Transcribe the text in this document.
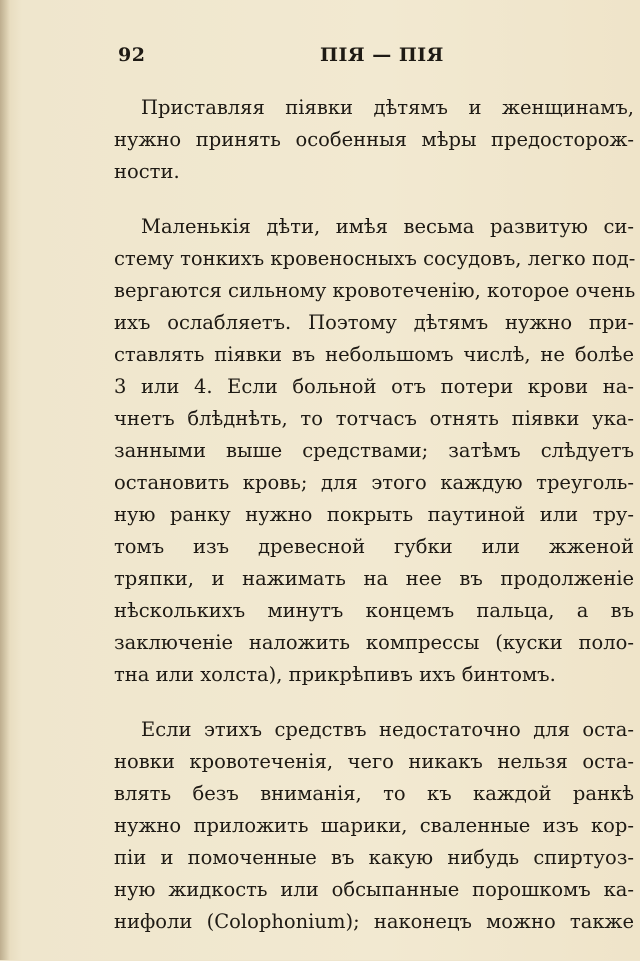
92	ПІЯ — ПІЯ
Приставляя піявки дѣтямъ и женщинамъ,
нужно принять особенныя мѣры предосторож-
ности.
Маленькія дѣти, имѣя весьма развитую си-
стему тонкихъ кровеносныхъ сосудовъ, легко под-
вергаются сильному кровотеченію, которое очень
ихъ ослабляетъ. Поэтому дѣтямъ нужно при-
ставлять піявки въ небольшомъ числѣ, не болѣе
3 или 4. Если больной отъ потери крови на-
чнетъ блѣднѣть, то тотчасъ отнять піявки ука-
занными выше средствами; затѣмъ слѣдуетъ
остановить кровь; для этого каждую треуголь-
ную ранку нужно покрыть паутиной или тру-
томъ изъ древесной губки или жженой
тряпки, и нажимать на нее въ продолженіе
нѣсколькихъ минутъ концемъ пальца, а въ
заключеніе наложить компрессы (куски поло-
тна или холста), прикрѣпивъ ихъ бинтомъ.
Если этихъ средствъ недостаточно для оста-
новки кровотеченія, чего никакъ нельзя оста-
влять безъ вниманія, то къ каждой ранкѣ
нужно приложить шарики, сваленные изъ кор-
піи и помоченные въ какую нибудь спиртуоз-
ную жидкость или обсыпанные порошкомъ ка-
нифоли (Colophonium); наконецъ можно также
